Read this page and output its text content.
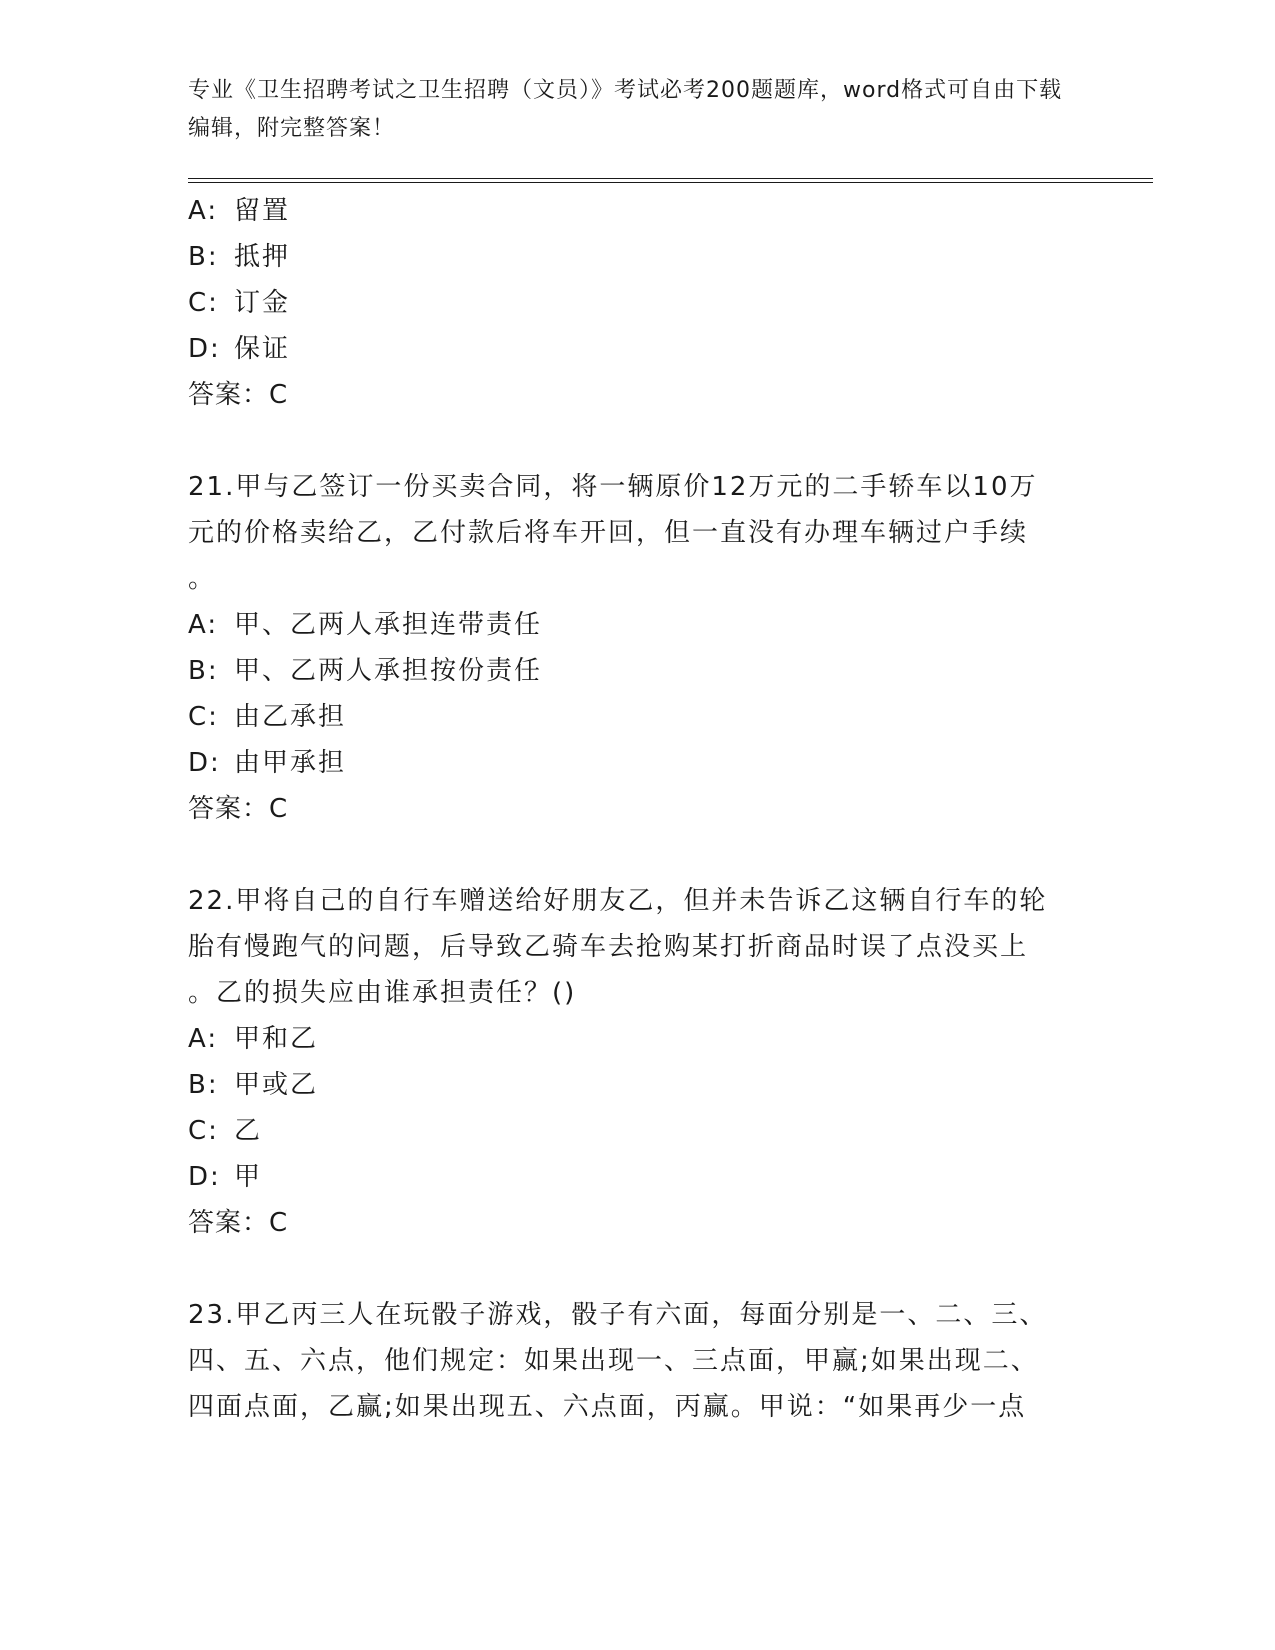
专业《卫生招聘考试之卫生招聘（文员）》考试必考200题题库，word格式可自由下载编辑，附完整答案！
A: 留置
B: 抵押
C: 订金
D: 保证
答案：C
21.甲与乙签订一份买卖合同，将一辆原价12万元的二手轿车以10万
元的价格卖给乙，乙付款后将车开回，但一直没有办理车辆过户手续
。
A: 甲、乙两人承担连带责任
B: 甲、乙两人承担按份责任
C: 由乙承担
D: 由甲承担
答案：C
22.甲将自己的自行车赠送给好朋友乙，但并未告诉乙这辆自行车的轮
胎有慢跑气的问题，后导致乙骑车去抢购某打折商品时误了点没买上
。乙的损失应由谁承担责任？()
A: 甲和乙
B: 甲或乙
C: 乙
D: 甲
答案：C
23.甲乙丙三人在玩骰子游戏，骰子有六面，每面分别是一、二、三、
四、五、六点，他们规定：如果出现一、三点面，甲赢;如果出现二、
四面点面，乙赢;如果出现五、六点面，丙赢。甲说：“如果再少一点
